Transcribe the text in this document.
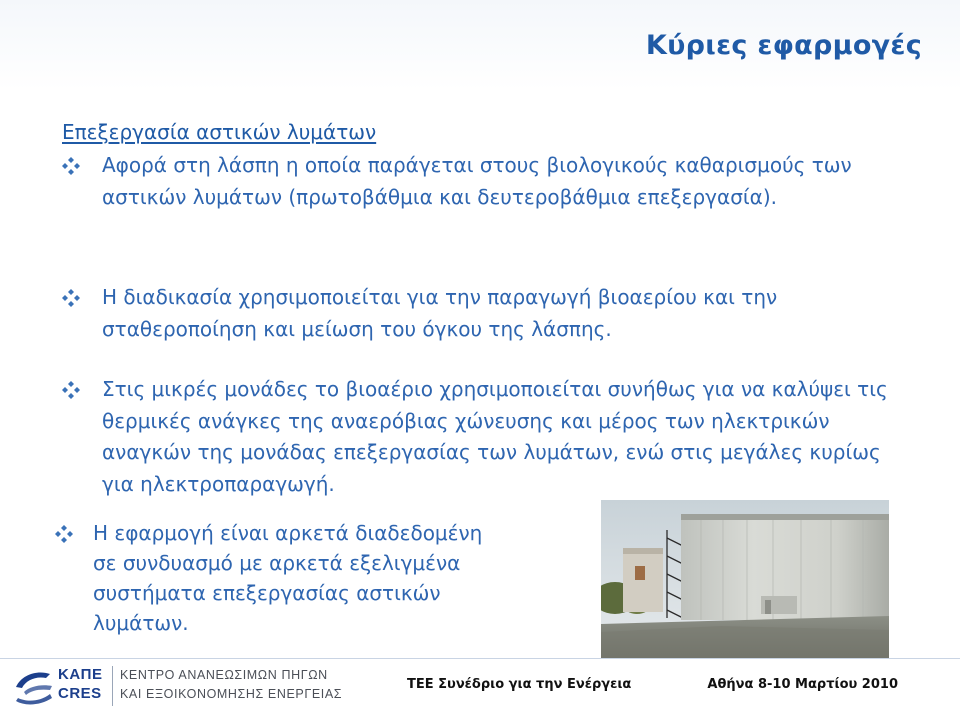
Κύριες εφαρμογές
Επεξεργασία αστικών λυμάτων
Αφορά στη λάσπη η οποία παράγεται στους βιολογικούς καθαρισμούς των αστικών λυμάτων (πρωτοβάθμια και δευτεροβάθμια επεξεργασία).
Η διαδικασία χρησιμοποιείται για την παραγωγή βιοαερίου και την σταθεροποίηση και μείωση του όγκου της λάσπης.
Στις μικρές μονάδες το βιοαέριο χρησιμοποιείται συνήθως για να καλύψει τις θερμικές ανάγκες της αναερόβιας χώνευσης και μέρος των ηλεκτρικών αναγκών της μονάδας επεξεργασίας των λυμάτων, ενώ στις μεγάλες κυρίως για ηλεκτροπαραγωγή.
Η εφαρμογή είναι αρκετά διαδεδομένη σε συνδυασμό με αρκετά εξελιγμένα συστήματα επεξεργασίας αστικών λυμάτων.
ΚΑΠΕ
CRES
ΚΕΝΤΡΟ ΑΝΑΝΕΩΣΙΜΩΝ ΠΗΓΩΝ
ΚΑΙ ΕΞΟΙΚΟΝΟΜΗΣΗΣ ΕΝΕΡΓΕΙΑΣ
ΤΕΕ Συνέδριο για την Ενέργεια	Αθήνα 8-10 Μαρτίου 2010
